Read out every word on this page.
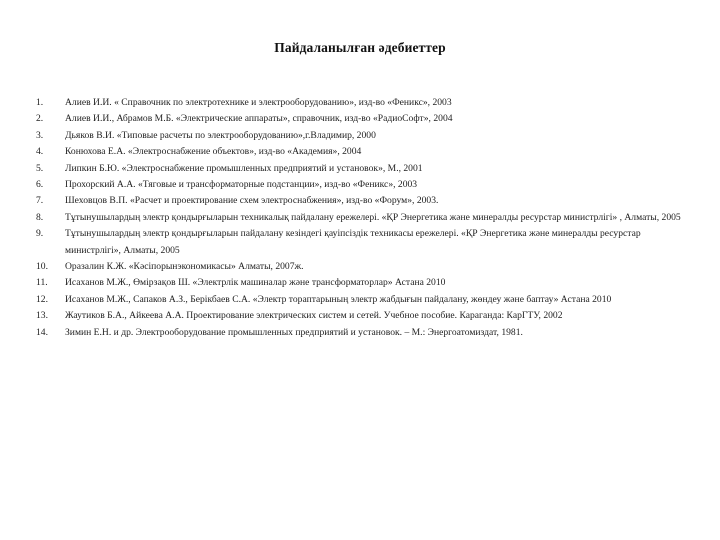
Пайдаланылған әдебиеттер
1.	Алиев И.И. « Справочник по электротехнике и электрооборудованию», изд-во «Феникс», 2003
2.	Алиев И.И., Абрамов М.Б. «Электрические аппараты», справочник, изд-во «РадиоСофт», 2004
3.	Дьяков В.И. «Типовые расчеты по электрооборудованию»,г.Владимир, 2000
4.	Конюхова Е.А. «Электроснабжение объектов», изд-во «Академия», 2004
5.	Липкин Б.Ю. «Электроснабжение промышленных предприятий и установок», М., 2001
6.	Прохорский А.А. «Тяговые и трансформаторные подстанции», изд-во «Феникс», 2003
7.	Шеховцов В.П. «Расчет и проектирование схем электроснабжения», изд-во «Форум», 2003.
8.	Тұтынушылардың электр қондырғыларын техникалық пайдалану ережелері. «ҚР Энергетика және минералды ресурстар министрлігі» , Алматы, 2005
9.	Тұтынушылардың электр қондырғыларын пайдалану кезіндегі қауіпсіздік техникасы ережелері. «ҚР Энергетика және минералды ресурстар министрлігі», Алматы, 2005
10.	Оразалин К.Ж. «Кәсіпорынэкономикасы» Алматы, 2007ж.
11.	Исаханов М.Ж., Өмірзақов Ш. «Электрлік машиналар және трансформаторлар» Астана 2010
12.	Исаханов М.Ж., Сапаков А.З., Берікбаев С.А. «Электр тораптарының электр жабдығын пайдалану, жөндеу және баптау» Астана 2010
13.	Жаутиков Б.А., Айкеева А.А. Проектирование электрических систем и сетей. Учебное пособие. Караганда: КарГТУ, 2002
14.	Зимин Е.Н. и др. Электрооборудование промышленных предприятий и установок. – М.: Энергоатомиздат, 1981.
